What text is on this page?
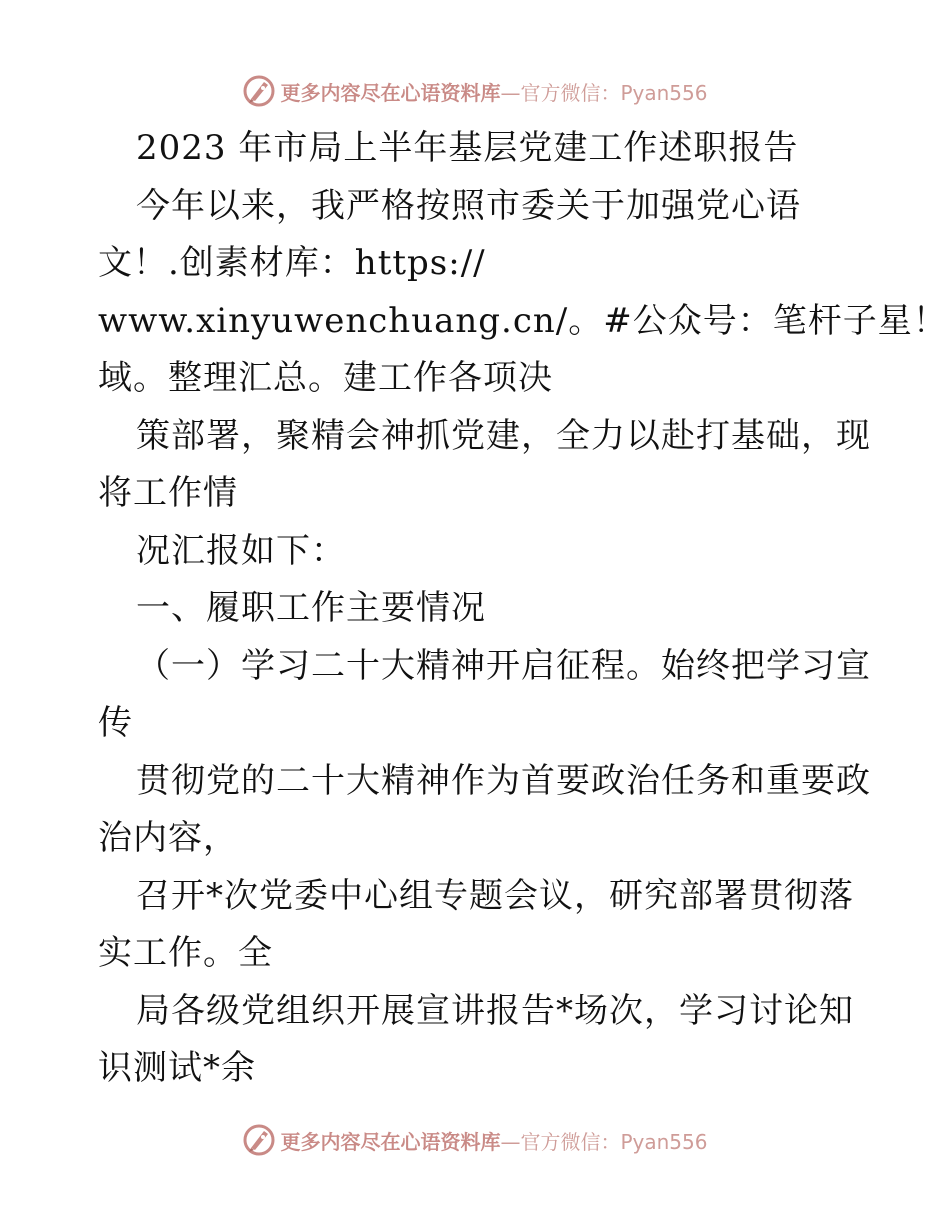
更多内容尽在心语资料库—官方微信：Pyan556
2023 年市局上半年基层党建工作述职报告
今年以来，我严格按照市委关于加强党心语
文！.创素材库：https://
www.xinyuwenchuang.cn/。#公众号：笔杆子星！
域。整理汇总。建工作各项决
策部署，聚精会神抓党建，全力以赴打基础，现
将工作情
况汇报如下：
一、履职工作主要情况
（一）学习二十大精神开启征程。始终把学习宣
传
贯彻党的二十大精神作为首要政治任务和重要政
治内容，
召开*次党委中心组专题会议，研究部署贯彻落
实工作。全
局各级党组织开展宣讲报告*场次，学习讨论知
识测试*余
更多内容尽在心语资料库—官方微信：Pyan556
